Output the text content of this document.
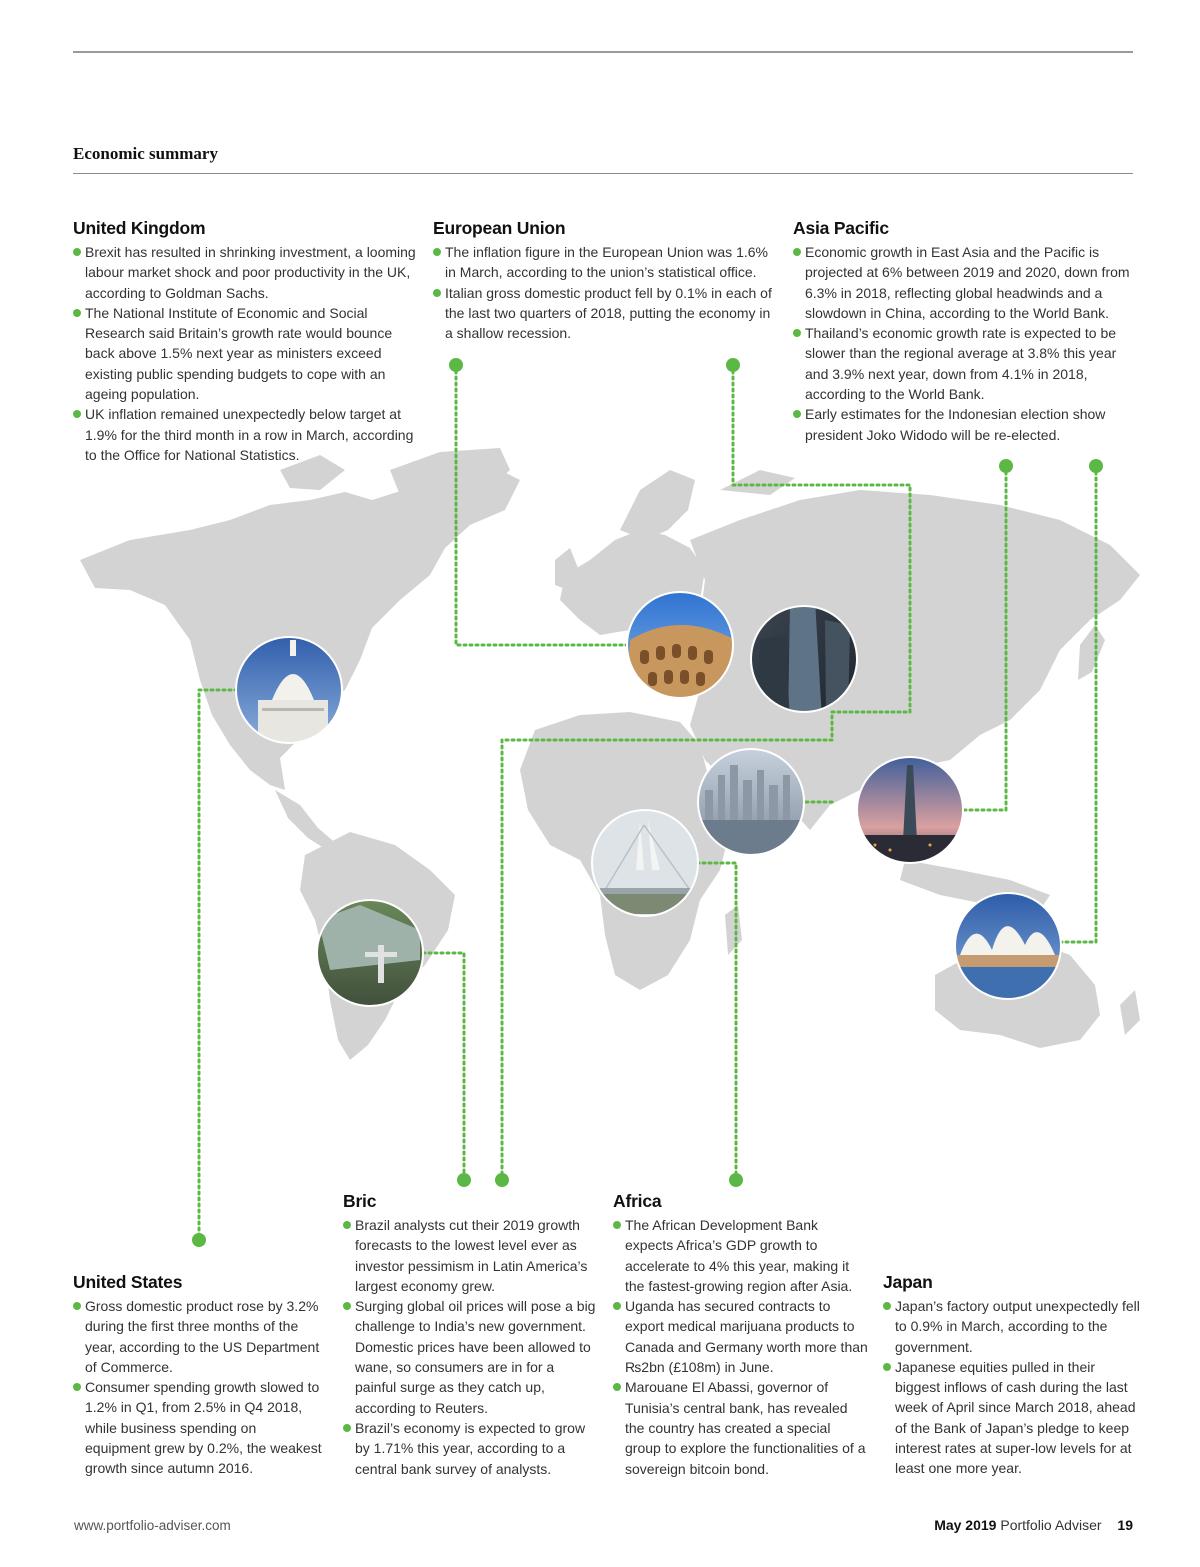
Economic summary
United Kingdom
Brexit has resulted in shrinking investment, a looming labour market shock and poor productivity in the UK, according to Goldman Sachs.
The National Institute of Economic and Social Research said Britain’s growth rate would bounce back above 1.5% next year as ministers exceed existing public spending budgets to cope with an ageing population.
UK inflation remained unexpectedly below target at 1.9% for the third month in a row in March, according to the Office for National Statistics.
European Union
The inflation figure in the European Union was 1.6% in March, according to the union’s statistical office.
Italian gross domestic product fell by 0.1% in each of the last two quarters of 2018, putting the economy in a shallow recession.
Asia Pacific
Economic growth in East Asia and the Pacific is projected at 6% between 2019 and 2020, down from 6.3% in 2018, reflecting global headwinds and a slowdown in China, according to the World Bank.
Thailand’s economic growth rate is expected to be slower than the regional average at 3.8% this year and 3.9% next year, down from 4.1% in 2018, according to the World Bank.
Early estimates for the Indonesian election show president Joko Widodo will be re-elected.
United States
Gross domestic product rose by 3.2% during the first three months of the year, according to the US Department of Commerce.
Consumer spending growth slowed to 1.2% in Q1, from 2.5% in Q4 2018, while business spending on equipment grew by 0.2%, the weakest growth since autumn 2016.
Bric
Brazil analysts cut their 2019 growth forecasts to the lowest level ever as investor pessimism in Latin America’s largest economy grew.
Surging global oil prices will pose a big challenge to India’s new government. Domestic prices have been allowed to wane, so consumers are in for a painful surge as they catch up, according to Reuters.
Brazil’s economy is expected to grow by 1.71% this year, according to a central bank survey of analysts.
Africa
The African Development Bank expects Africa’s GDP growth to accelerate to 4% this year, making it the fastest-growing region after Asia.
Uganda has secured contracts to export medical marijuana products to Canada and Germany worth more than ₨2bn (£108m) in June.
Marouane El Abassi, governor of Tunisia’s central bank, has revealed the country has created a special group to explore the functionalities of a sovereign bitcoin bond.
Japan
Japan’s factory output unexpectedly fell to 0.9% in March, according to the government.
Japanese equities pulled in their biggest inflows of cash during the last week of April since March 2018, ahead of the Bank of Japan’s pledge to keep interest rates at super-low levels for at least one more year.
www.portfolio-adviser.com	May 2019 Portfolio Adviser 19
